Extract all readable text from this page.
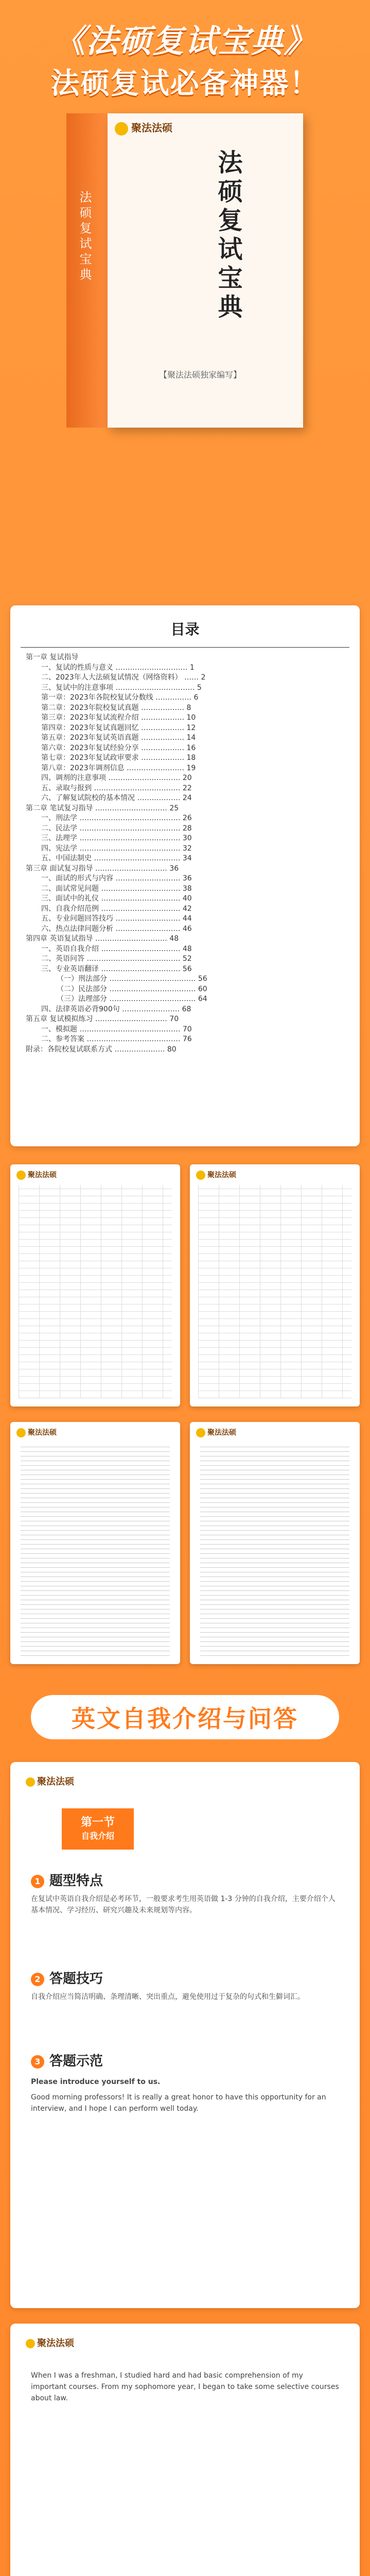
《法硕复试宝典》
法硕复试必备神器！
法硕复试宝典
聚法法硕
法硕复试宝典
【聚法法硕独家编写】
目录
第一章 复试指导
一、复试的性质与意义 ………………………… 1
二、2023年人大法硕复试情况（网络资料） …… 2
三、复试中的注意事项 …………………………… 5
第一章：2023年各院校复试分数线 …………… 6
第二章：2023年院校复试真题 ……………… 8
第三章：2023年复试流程介绍 ……………… 10
第四章：2023年复试真题回忆 ……………… 12
第五章：2023年复试英语真题 ……………… 14
第六章：2023年复试经验分享 ……………… 16
第七章：2023年复试政审要求 ……………… 18
第八章：2023年调剂信息 …………………… 19
四、调剂的注意事项 ………………………… 20
五、录取与报到 ……………………………… 22
六、了解复试院校的基本情况 ……………… 24
第二章 笔试复习指导 ………………………… 25
一、刑法学 …………………………………… 26
二、民法学 …………………………………… 28
三、法理学 …………………………………… 30
四、宪法学 …………………………………… 32
五、中国法制史 ……………………………… 34
第三章 面试复习指导 ………………………… 36
一、面试的形式与内容 ……………………… 36
二、面试常见问题 …………………………… 38
三、面试中的礼仪 …………………………… 40
四、自我介绍范例 …………………………… 42
五、专业问题回答技巧 ……………………… 44
六、热点法律问题分析 ……………………… 46
第四章 英语复试指导 ………………………… 48
一、英语自我介绍 …………………………… 48
二、英语问答 ………………………………… 52
三、专业英语翻译 …………………………… 56
（一）刑法部分 ……………………………… 56
（二）民法部分 ……………………………… 60
（三）法理部分 ……………………………… 64
四、法律英语必背900句 …………………… 68
第五章 复试模拟练习 ………………………… 70
一、模拟题 …………………………………… 70
二、参考答案 ………………………………… 76
附录：各院校复试联系方式 ………………… 80
聚法法硕	聚法法硕
聚法法硕	聚法法硕
英文自我介绍与问答
聚法法硕
第一节
自我介绍
1 题型特点
在复试中英语自我介绍是必考环节，一般要求考生用英语做 1-3 分钟的自我介绍，主要介绍个人基本情况、学习经历、研究兴趣及未来规划等内容。
2 答题技巧
自我介绍应当简洁明确、条理清晰、突出重点，避免使用过于复杂的句式和生僻词汇。
3 答题示范
Please introduce yourself to us.
Good morning professors! It is really a great honor to have this opportunity for an interview, and I hope I can perform well today.
聚法法硕
When I was a freshman, I studied hard and had basic comprehension of my important courses. From my sophomore year, I began to take some selective courses about law.
